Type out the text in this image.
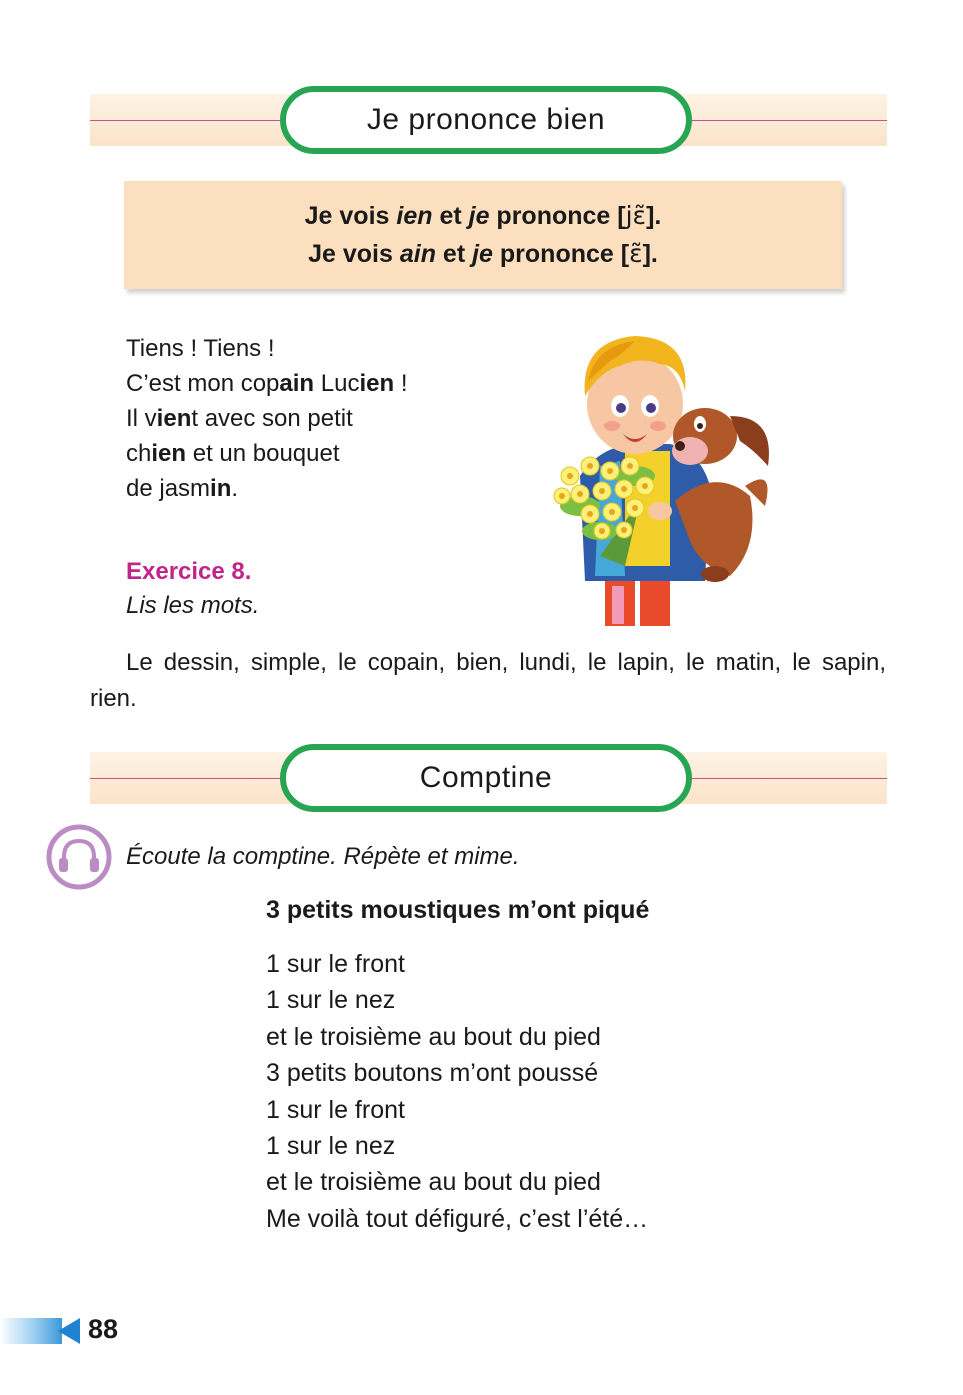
Je prononce bien
Je vois ien et je prononce [jɛ̃].
Je vois ain et je prononce [ɛ̃].
Tiens ! Tiens !
C’est mon copain Lucien !
Il vient avec son petit
chien et un bouquet
de jasmin.
Exercice 8.
Lis les mots.
Le dessin, simple, le copain, bien, lundi, le lapin, le matin, le sapin, rien.
Comptine
Écoute la comptine. Répète et mime.
3 petits moustiques m’ont piqué
1 sur le front
1 sur le nez
et le troisième au bout du pied
3 petits boutons m’ont poussé
1 sur le front
1 sur le nez
et le troisième au bout du pied
Me voilà tout défiguré, c’est l’été…
88
